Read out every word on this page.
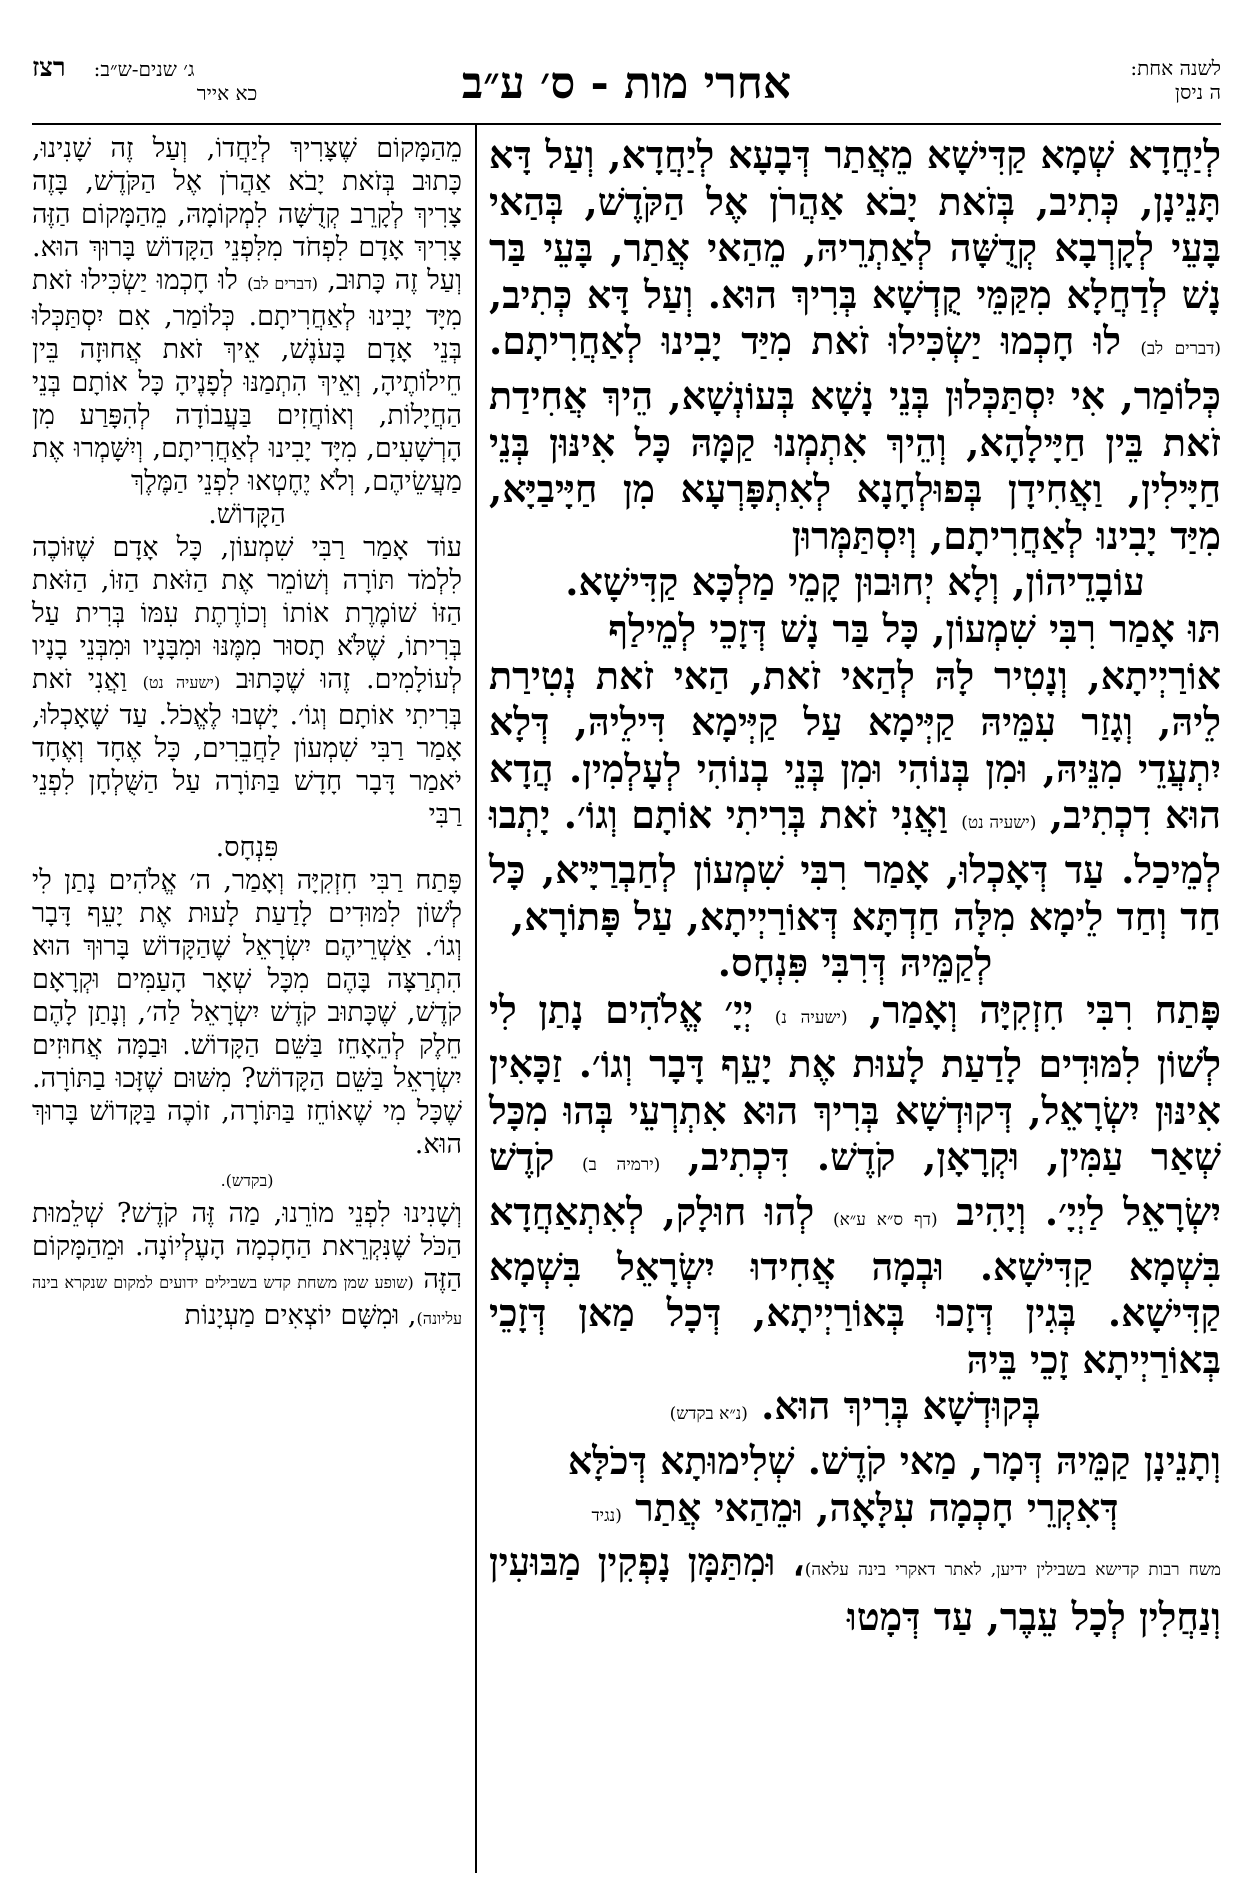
לשנה אחת:
ה ניסן
אחרי מות - ס׳ ע״ב
ג׳ שנים-ש״ב:רצז
כא אייר

לְיַחֲדָא שְׁמָא קַדִּישָׁא מֵאֲתַר דְּבָעָא לְיַחֲדָא, וְעַל דָּא תָּנֵינָן, כְּתִיב, בְּזֹאת יָבֹא אַהֲרֹן אֶל הַקֹּדֶשׁ, בְּהַאי בָּעֵי לְקָרְבָא קְדֻשָּׁה לְאַתְרֵיהּ, מֵהַאי אֲתַר, בָּעֵי בַּר נָשׁ לְדַחֲלָא מִקַּמֵּי קֻדְשָׁא בְּרִיךְ הוּא. וְעַל דָּא כְּתִיב, (דברים לב) לוּ חָכְמוּ יַשְׂכִּילוּ זֹאת מִיַּד יָבִינוּ לְאַחֲרִיתָם. כְּלוֹמַר, אִי יִסְתַּכְּלוּן בְּנֵי נָשָׁא בְּעוֹנְשָׁא, הֵיךְ אֲחִידַת זֹאת בֵּין חַיָּילָהָא, וְהֵיךְ אִתְמְנוּ קַמָּהּ כָּל אִינּוּן בְּנֵי חַיָּילִין, וַאֲחִידָן בְּפוּלְחָנָא לְאִתְפָּרְעָא מִן חַיָּיבַיָּא, מִיַּד יָבִינוּ לְאַחֲרִיתָם, וְיִסְתַּמְּרוּן

עוֹבָדֵיהוֹן, וְלָא יְחוּבוּן קָמֵי מַלְכָּא קַדִּישָׁא.

תּוּ אָמַר רִבִּי שִׁמְעוֹן, כָּל בַּר נָשׁ דְּזָכֵי לְמֵילַף

אוֹרַיְיתָא, וְנָטִיר לָהּ לְהַאי זֹאת, הַאי זֹאת נְטִירַת לֵיהּ, וְגָזַר עִמֵּיהּ קַיְּימָא עַל קַיְּימָא דִּילֵיהּ, דְּלָא יִתְעֲדֵי מִנֵּיהּ, וּמִן בְּנוֹהִי וּמִן בְּנֵי בְנוֹהִי לְעָלְמִין. הֲדָא הוּא דִכְתִיב, (ישעיה נט) וַאֲנִי זֹאת בְּרִיתִי אוֹתָם וְגוֹ׳. יָתְבוּ לְמֵיכַל. עַד דְּאָכְלוּ, אָמַר רִבִּי שִׁמְעוֹן לְחַבְרַיָּיא, כָּל חַד וְחַד לֵימָא מִלָּה חַדְתָּא דְּאוֹרַיְיתָא, עַל פָּתוֹרָא,

לְקַמֵּיהּ דְּרִבִּי פִּנְחָס.

פָּתַח רִבִּי חִזְקִיָּה וְאָמַר, (ישעיה נ) יְיָ׳ אֱלֹהִים נָתַן לִי לְשׁוֹן לִמּוּדִים לָדַעַת לָעוּת אֶת יָעֵף דָּבָר וְגוֹ׳. זַכָּאִין אִינּוּן יִשְׂרָאֵל, דְּקוּדְשָׁא בְּרִיךְ הוּא אִתְרְעֵי בְּהוּ מִכָּל שְׁאַר עַמִּין, וּקְרָאָן, קֹדֶשׁ. דִּכְתִיב, (ירמיה ב) קֹדֶשׁ יִשְׂרָאֵל לַיְיָ׳. וְיָהִיב (דף ס״א ע״א) לְהוּ חוּלָק, לְאִתְאַחֲדָא בִּשְׁמָא קַדִּישָׁא. וּבְמָה אֲחִידוּ יִשְׂרָאֵל בִּשְׁמָא קַדִּישָׁא. בְּגִין דְּזָכוּ בְּאוֹרַיְיתָא, דְּכָל מַאן דְּזָכֵי בְּאוֹרַיְיתָא זָכֵי בֵּיהּ

בְּקוּדְשָׁא בְּרִיךְ הוּא. (נ״א בקדש)

וְתָנֵינָן קַמֵּיהּ דְּמָר, מַאי קֹדֶשׁ. שְׁלִימוּתָא דְּכֹלָּא

דְּאִקְרֵי חָכְמָה עִלָּאָה, וּמֵהַאי אֲתַר (נגיד

משח רבות קדישא בשבילין ידיען, לאתר דאקרי בינה עלאה)، וּמִתַּמָּן נָפְקִין מַבּוּעִין וְנַחֲלִין לְכָל עֵבֶר, עַד דְּמָטוּ

מֵהַמָּקוֹם שֶׁצָּרִיךְ לְיַחֲדוֹ, וְעַל זֶה שָׁנִינוּ, כָּתוּב בְּזֹאת יָבֹא אַהֲרֹן אֶל הַקֹּדֶשׁ, בָּזֶה צָרִיךְ לְקָרֵב קְדֻשָּׁה לִמְקוֹמָהּ, מֵהַמָּקוֹם הַזֶּה צָרִיךְ אָדָם לִפְחֹד מִלִּפְנֵי הַקָּדוֹשׁ בָּרוּךְ הוּא. וְעַל זֶה כָּתוּב, (דברים לב) לוּ חָכְמוּ יַשְׂכִּילוּ זֹאת מִיָּד יָבִינוּ לְאַחֲרִיתָם. כְּלוֹמַר, אִם יִסְתַּכְּלוּ בְּנֵי אָדָם בָּעֹנֶשׁ, אֵיךְ זֹאת אֲחוּזָה בֵּין חֵילוֹתֶיהָ, וְאֵיךְ הִתְמַנּוּ לְפָנֶיהָ כָּל אוֹתָם בְּנֵי הַחֲיָלוֹת, וְאוֹחֲזִים בַּעֲבוֹדָה לְהִפָּרַע מִן הָרְשָׁעִים, מִיָּד יָבִינוּ לְאַחֲרִיתָם, וְיִשָּׁמְרוּ אֶת מַעֲשֵׂיהֶם, וְלֹא יֶחֶטְאוּ לִפְנֵי הַמֶּלֶךְ

הַקָּדוֹשׁ.

עוֹד אָמַר רַבִּי שִׁמְעוֹן, כָּל אָדָם שֶׁזּוֹכֶה לִלְמֹד תּוֹרָה וְשׁוֹמֵר אֶת הַזֹּאת הַזּוֹ, הַזֹּאת הַזּוֹ שׁוֹמֶרֶת אוֹתוֹ וְכוֹרֶתֶת עִמּוֹ בְּרִית עַל בְּרִיתוֹ, שֶׁלֹּא תָסוּר מִמֶּנּוּ וּמִבָּנָיו וּמִבְּנֵי בָנָיו לְעוֹלָמִים. זֶהוּ שֶׁכָּתוּב (ישעיה נט) וַאֲנִי זֹאת בְּרִיתִי אוֹתָם וְגוֹ׳. יָשְׁבוּ לֶאֱכֹל. עַד שֶׁאָכְלוּ, אָמַר רַבִּי שִׁמְעוֹן לַחֲבֵרִים, כָּל אֶחָד וְאֶחָד יֹאמַר דָּבָר חָדָשׁ בַּתּוֹרָה עַל הַשֻּׁלְחָן לִפְנֵי רַבִּי

פִּנְחָס.

פָּתַח רַבִּי חִזְקִיָּה וְאָמַר, ה׳ אֱלֹהִים נָתַן לִי לְשׁוֹן לִמּוּדִים לָדַעַת לָעוּת אֶת יָעֵף דָּבָר וְגוֹ׳. אַשְׁרֵיהֶם יִשְׂרָאֵל שֶׁהַקָּדוֹשׁ בָּרוּךְ הוּא הִתְרַצָּה בָּהֶם מִכָּל שְׁאָר הָעַמִּים וּקְרָאָם קֹדֶשׁ, שֶׁכָּתוּב קֹדֶשׁ יִשְׂרָאֵל לַה׳, וְנָתַן לָהֶם חֵלֶק לְהֵאָחֵז בַּשֵּׁם הַקָּדוֹשׁ. וּבַמָּה אֲחוּזִים יִשְׂרָאֵל בַּשֵּׁם הַקָּדוֹשׁ? מִשּׁוּם שֶׁזָּכוּ בַתּוֹרָה. שֶׁכָּל מִי שֶׁאוֹחֵז בַּתּוֹרָה, זוֹכֶה בַּקָּדוֹשׁ בָּרוּךְ הוּא.

(בקדש).

וְשָׁנִינוּ לִפְנֵי מוֹרֵנוּ, מַה זֶּה קֹדֶשׁ? שְׁלֵמוּת הַכֹּל שֶׁנִּקְרֵאת הַחָכְמָה הָעֶלְיוֹנָה. וּמֵהַמָּקוֹם הַזֶּה (שופע שמן משחת קדש בשבילים ידועים למקום שנקרא בינה עליונה), וּמִשָּׁם יוֹצְאִים מַעְיָנוֹת
